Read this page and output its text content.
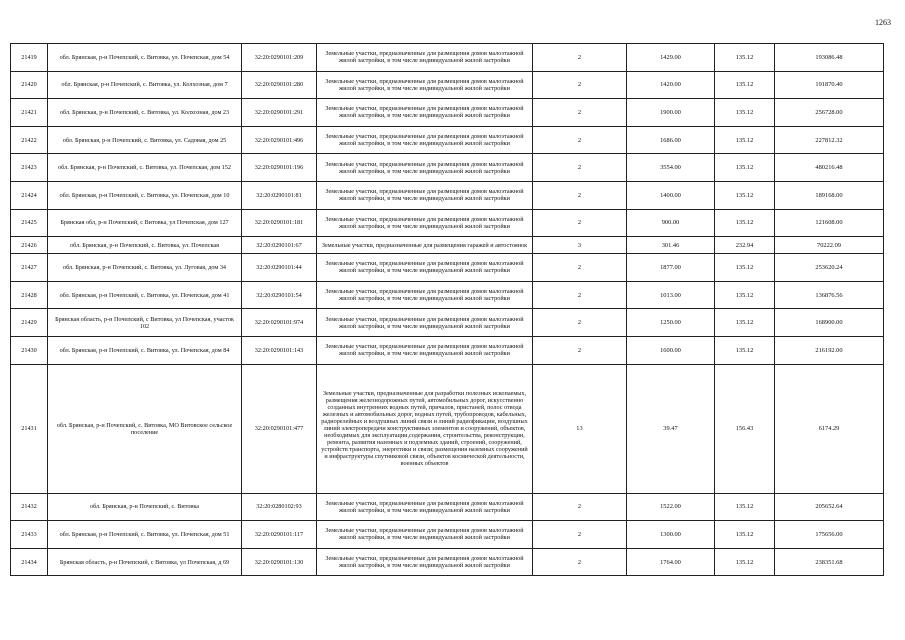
1263
21419	обл. Брянская, р-н Почепский, с. Витовка, ул. Почепская, дом 54	32:20:0290101:209	Земельные участки, предназначенные для размещения домов малоэтажной жилой застройки, в том числе индивидуальной жилой застройки	2	1429.00	135.12	193086.48
21420	обл. Брянская, р-н Почепский, с. Витовка, ул. Колхозная, дом 7	32:20:0290101:280	Земельные участки, предназначенные для размещения домов малоэтажной жилой застройки, в том числе индивидуальной жилой застройки	2	1420.00	135.12	191870.40
21421	обл. Брянская, р-н Почепский, с. Витовка, ул. Колхозная, дом 23	32:20:0290101:291	Земельные участки, предназначенные для размещения домов малоэтажной жилой застройки, в том числе индивидуальной жилой застройки	2	1900.00	135.12	256728.00
21422	обл. Брянская, р-н Почепский, с. Витовка, ул. Садовая, дом 25	32:20:0290101:496	Земельные участки, предназначенные для размещения домов малоэтажной жилой застройки, в том числе индивидуальной жилой застройки	2	1686.00	135.12	227812.32
21423	обл. Брянская, р-н Почепский, с. Витовка, ул. Почепская, дом 152	32:20:0290101:196	Земельные участки, предназначенные для размещения домов малоэтажной жилой застройки, в том числе индивидуальной жилой застройки	2	3554.00	135.12	480216.48
21424	обл. Брянская, р-н Почепский, с. Витовка, ул. Почепская, дом 10	32:20:0290101:81	Земельные участки, предназначенные для размещения домов малоэтажной жилой застройки, в том числе индивидуальной жилой застройки	2	1400.00	135.12	189168.00
21425	Брянская обл, р-н Почепский, с Витовка, ул Почепская, дом 127	32:20:0290101:181	Земельные участки, предназначенные для размещения домов малоэтажной жилой застройки, в том числе индивидуальной жилой застройки	2	900.00	135.12	121608.00
21426	обл. Брянская, р-н Почепский, с. Витовка, ул. Почепская	32:20:0290101:67	Земельные участки, предназначенные для размещения гаражей и автостоянок	3	301.46	232.94	70222.09
21427	обл. Брянская, р-н Почепский, с. Витовка, ул. Луговая, дом 34	32:20:0290101:44	Земельные участки, предназначенные для размещения домов малоэтажной жилой застройки, в том числе индивидуальной жилой застройки	2	1877.00	135.12	253620.24
21428	обл. Брянская, р-н Почепский, с. Витовка, ул. Почепская, дом 41	32:20:0290101:54	Земельные участки, предназначенные для размещения домов малоэтажной жилой застройки, в том числе индивидуальной жилой застройки	2	1013.00	135.12	136876.56
21429	Брянская область, р-н Почепский, с Витовка, ул Почепская, участок 102	32:20:0290101:974	Земельные участки, предназначенные для размещения домов малоэтажной жилой застройки, в том числе индивидуальной жилой застройки	2	1250.00	135.12	168900.00
21430	обл. Брянская, р-н Почепский, с. Витовка, ул. Почепская, дом 84	32:20:0290101:143	Земельные участки, предназначенные для размещения домов малоэтажной жилой застройки, в том числе индивидуальной жилой застройки	2	1600.00	135.12	216192.00
21431	обл. Брянская, р-н Почепский, с. Витовка, МО Витовское сельское поселение	32:20:0290101:477	Земельные участки, предназначенные для разработки полезных ископаемых, размещения железнодорожных путей, автомобильных дорог, искусственно созданных внутренних водных путей, причалов, пристаней, полос отвода железных и автомобильных дорог, водных путей, трубопроводов, кабельных, радиорелейных и воздушных линий связи и линий радиофикации, воздушных линий электропередачи конструктивных элементов и сооружений, объектов, необходимых для эксплуатации,содержания, строительства, реконструкции, ремонта, развития наземных и подземных зданий, строений, сооружений, устройств транспорта, энергетики и связи; размещения наземных сооружений и инфраструктуры спутниковой связи, объектов космической деятельности, военных объектов	13	39.47	156.43	6174.29
21432	обл. Брянская, р-н Почепский, с. Витовка	32:20:0280102:93	Земельные участки, предназначенные для размещения домов малоэтажной жилой застройки, в том числе индивидуальной жилой застройки	2	1522.00	135.12	205652.64
21433	обл. Брянская, р-н Почепский, с. Витовка, ул. Почепская, дом 51	32:20:0290101:117	Земельные участки, предназначенные для размещения домов малоэтажной жилой застройки, в том числе индивидуальной жилой застройки	2	1300.00	135.12	175656.00
21434	Брянская область, р-н Почепский, с Витовка, ул Почепская, д 69	32:20:0290101:130	Земельные участки, предназначенные для размещения домов малоэтажной жилой застройки, в том числе индивидуальной жилой застройки	2	1764.00	135.12	238351.68
